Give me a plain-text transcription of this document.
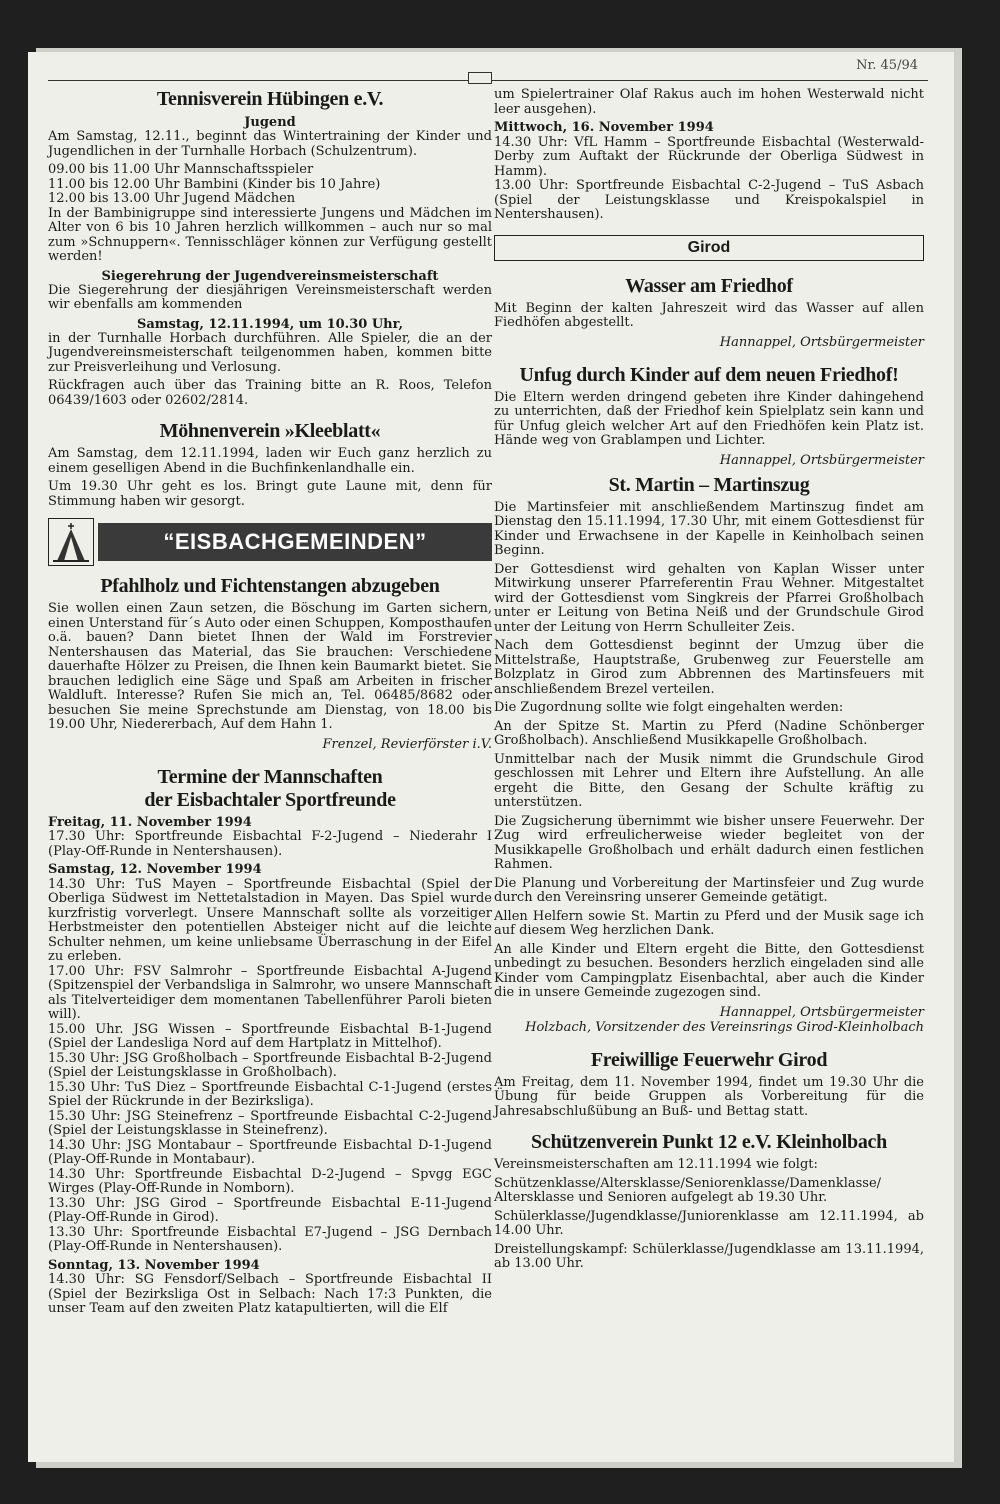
Nr. 45/94
Tennisverein Hübingen e.V.
Jugend

Am Samstag, 12.11., beginnt das Wintertraining der Kinder und Jugendlichen in der Turnhalle Horbach (Schulzentrum).

09.00 bis 11.00 Uhr Mannschaftsspieler

11.00 bis 12.00 Uhr Bambini (Kinder bis 10 Jahre)

12.00 bis 13.00 Uhr Jugend Mädchen

In der Bambinigruppe sind interessierte Jungens und Mädchen im Alter von 6 bis 10 Jahren herzlich willkommen – auch nur so mal zum »Schnuppern«. Tennisschläger können zur Verfügung gestellt werden!

Siegerehrung der Jugendvereinsmeisterschaft

Die Siegerehrung der diesjährigen Vereinsmeisterschaft werden wir ebenfalls am kommenden

Samstag, 12.11.1994, um 10.30 Uhr,

in der Turnhalle Horbach durchführen. Alle Spieler, die an der Jugendvereinsmeisterschaft teilgenommen haben, kommen bitte zur Preisverleihung und Verlosung.

Rückfragen auch über das Training bitte an R. Roos, Telefon 06439/1603 oder 02602/2814.

Möhnenverein »Kleeblatt«

Am Samstag, dem 12.11.1994, laden wir Euch ganz herzlich zu einem geselligen Abend in die Buchfinkenlandhalle ein.

Um 19.30 Uhr geht es los. Bringt gute Laune mit, denn für Stimmung haben wir gesorgt.

“EISBACHGEMEINDEN”
Pfahlholz und Fichtenstangen abzugeben

Sie wollen einen Zaun setzen, die Böschung im Garten sichern, einen Unterstand für´s Auto oder einen Schuppen, Komposthaufen o.ä. bauen? Dann bietet Ihnen der Wald im Forstrevier Nentershausen das Material, das Sie brauchen: Verschiedene dauerhafte Hölzer zu Preisen, die Ihnen kein Baumarkt bietet. Sie brauchen lediglich eine Säge und Spaß am Arbeiten in frischer Waldluft. Interesse? Rufen Sie mich an, Tel. 06485/8682 oder besuchen Sie meine Sprechstunde am Dienstag, von 18.00 bis 19.00 Uhr, Niedererbach, Auf dem Hahn 1.

Frenzel, Revierförster i.V.
Termine der Mannschaften
der Eisbachtaler Sportfreunde

Freitag, 11. November 1994

17.30 Uhr: Sportfreunde Eisbachtal F-2-Jugend – Niederahr I (Play-Off-Runde in Nentershausen).

Samstag, 12. November 1994

14.30 Uhr: TuS Mayen – Sportfreunde Eisbachtal (Spiel der Oberliga Südwest im Nettetalstadion in Mayen. Das Spiel wurde kurzfristig vorverlegt. Unsere Mannschaft sollte als vorzeitiger Herbstmeister den potentiellen Absteiger nicht auf die leichte Schulter nehmen, um keine unliebsame Überraschung in der Eifel zu erleben.

17.00 Uhr: FSV Salmrohr – Sportfreunde Eisbachtal A-Jugend (Spitzenspiel der Verbandsliga in Salmrohr, wo unsere Mannschaft als Titelverteidiger dem momentanen Tabellenführer Paroli bieten will).

15.00 Uhr. JSG Wissen – Sportfreunde Eisbachtal B-1-Jugend (Spiel der Landesliga Nord auf dem Hartplatz in Mittelhof).

15.30 Uhr: JSG Großholbach – Sportfreunde Eisbachtal B-2-Jugend (Spiel der Leistungsklasse in Großholbach).

15.30 Uhr: TuS Diez – Sportfreunde Eisbachtal C-1-Jugend (erstes Spiel der Rückrunde in der Bezirksliga).

15.30 Uhr: JSG Steinefrenz – Sportfreunde Eisbachtal C-2-Jugend (Spiel der Leistungsklasse in Steinefrenz).

14.30 Uhr: JSG Montabaur – Sportfreunde Eisbachtal D-1-Jugend (Play-Off-Runde in Montabaur).

14.30 Uhr: Sportfreunde Eisbachtal D-2-Jugend – Spvgg EGC Wirges (Play-Off-Runde in Nomborn).

13.30 Uhr: JSG Girod – Sportfreunde Eisbachtal E-11-Jugend (Play-Off-Runde in Girod).

13.30 Uhr: Sportfreunde Eisbachtal E7-Jugend – JSG Dernbach (Play-Off-Runde in Nentershausen).

Sonntag, 13. November 1994

14.30 Uhr: SG Fensdorf/Selbach – Sportfreunde Eisbachtal II (Spiel der Bezirksliga Ost in Selbach: Nach 17:3 Punkten, die unser Team auf den zweiten Platz katapultierten, will die Elf

um Spielertrainer Olaf Rakus auch im hohen Westerwald nicht leer ausgehen).

Mittwoch, 16. November 1994

14.30 Uhr: VfL Hamm – Sportfreunde Eisbachtal (Westerwald-Derby zum Auftakt der Rückrunde der Oberliga Südwest in Hamm).

13.00 Uhr: Sportfreunde Eisbachtal C-2-Jugend – TuS Asbach (Spiel der Leistungsklasse und Kreispokalspiel in Nentershausen).

Girod
Wasser am Friedhof

Mit Beginn der kalten Jahreszeit wird das Wasser auf allen Fiedhöfen abgestellt.

Hannappel, Ortsbürgermeister
Unfug durch Kinder auf dem neuen Friedhof!

Die Eltern werden dringend gebeten ihre Kinder dahingehend zu unterrichten, daß der Friedhof kein Spielplatz sein kann und für Unfug gleich welcher Art auf den Friedhöfen kein Platz ist. Hände weg von Grablampen und Lichter.

Hannappel, Ortsbürgermeister
St. Martin – Martinszug

Die Martinsfeier mit anschließendem Martinszug findet am Dienstag den 15.11.1994, 17.30 Uhr, mit einem Gottesdienst für Kinder und Erwachsene in der Kapelle in Keinholbach seinen Beginn.

Der Gottesdienst wird gehalten von Kaplan Wisser unter Mitwirkung unserer Pfarreferentin Frau Wehner. Mitgestaltet wird der Gottesdienst vom Singkreis der Pfarrei Großholbach unter er Leitung von Betina Neiß und der Grundschule Girod unter der Leitung von Herrn Schulleiter Zeis.

Nach dem Gottesdienst beginnt der Umzug über die Mittelstraße, Hauptstraße, Grubenweg zur Feuerstelle am Bolzplatz in Girod zum Abbrennen des Martinsfeuers mit anschließendem Brezel verteilen.

Die Zugordnung sollte wie folgt eingehalten werden:

An der Spitze St. Martin zu Pferd (Nadine Schönberger Großholbach). Anschließend Musikkapelle Großholbach.

Unmittelbar nach der Musik nimmt die Grundschule Girod geschlossen mit Lehrer und Eltern ihre Aufstellung. An alle ergeht die Bitte, den Gesang der Schulte kräftig zu unterstützen.

Die Zugsicherung übernimmt wie bisher unsere Feuerwehr. Der Zug wird erfreulicherweise wieder begleitet von der Musikkapelle Großholbach und erhält dadurch einen festlichen Rahmen.

Die Planung und Vorbereitung der Martinsfeier und Zug wurde durch den Vereinsring unserer Gemeinde getätigt.

Allen Helfern sowie St. Martin zu Pferd und der Musik sage ich auf diesem Weg herzlichen Dank.

An alle Kinder und Eltern ergeht die Bitte, den Gottesdienst unbedingt zu besuchen. Besonders herzlich eingeladen sind alle Kinder vom Campingplatz Eisenbachtal, aber auch die Kinder die in unsere Gemeinde zugezogen sind.

Hannappel, Ortsbürgermeister
Holzbach, Vorsitzender des Vereinsrings Girod-Kleinholbach
Freiwillige Feuerwehr Girod

Am Freitag, dem 11. November 1994, findet um 19.30 Uhr die Übung für beide Gruppen als Vorbereitung für die Jahresabschlußübung an Buß- und Bettag statt.

Schützenverein Punkt 12 e.V. Kleinholbach

Vereinsmeisterschaften am 12.11.1994 wie folgt:

Schützenklasse/Altersklasse/Seniorenklasse/Damenklasse/ Altersklasse und Senioren aufgelegt ab 19.30 Uhr.

Schülerklasse/Jugendklasse/Juniorenklasse am 12.11.1994, ab 14.00 Uhr.

Dreistellungskampf: Schülerklasse/Jugendklasse am 13.11.1994, ab 13.00 Uhr.
